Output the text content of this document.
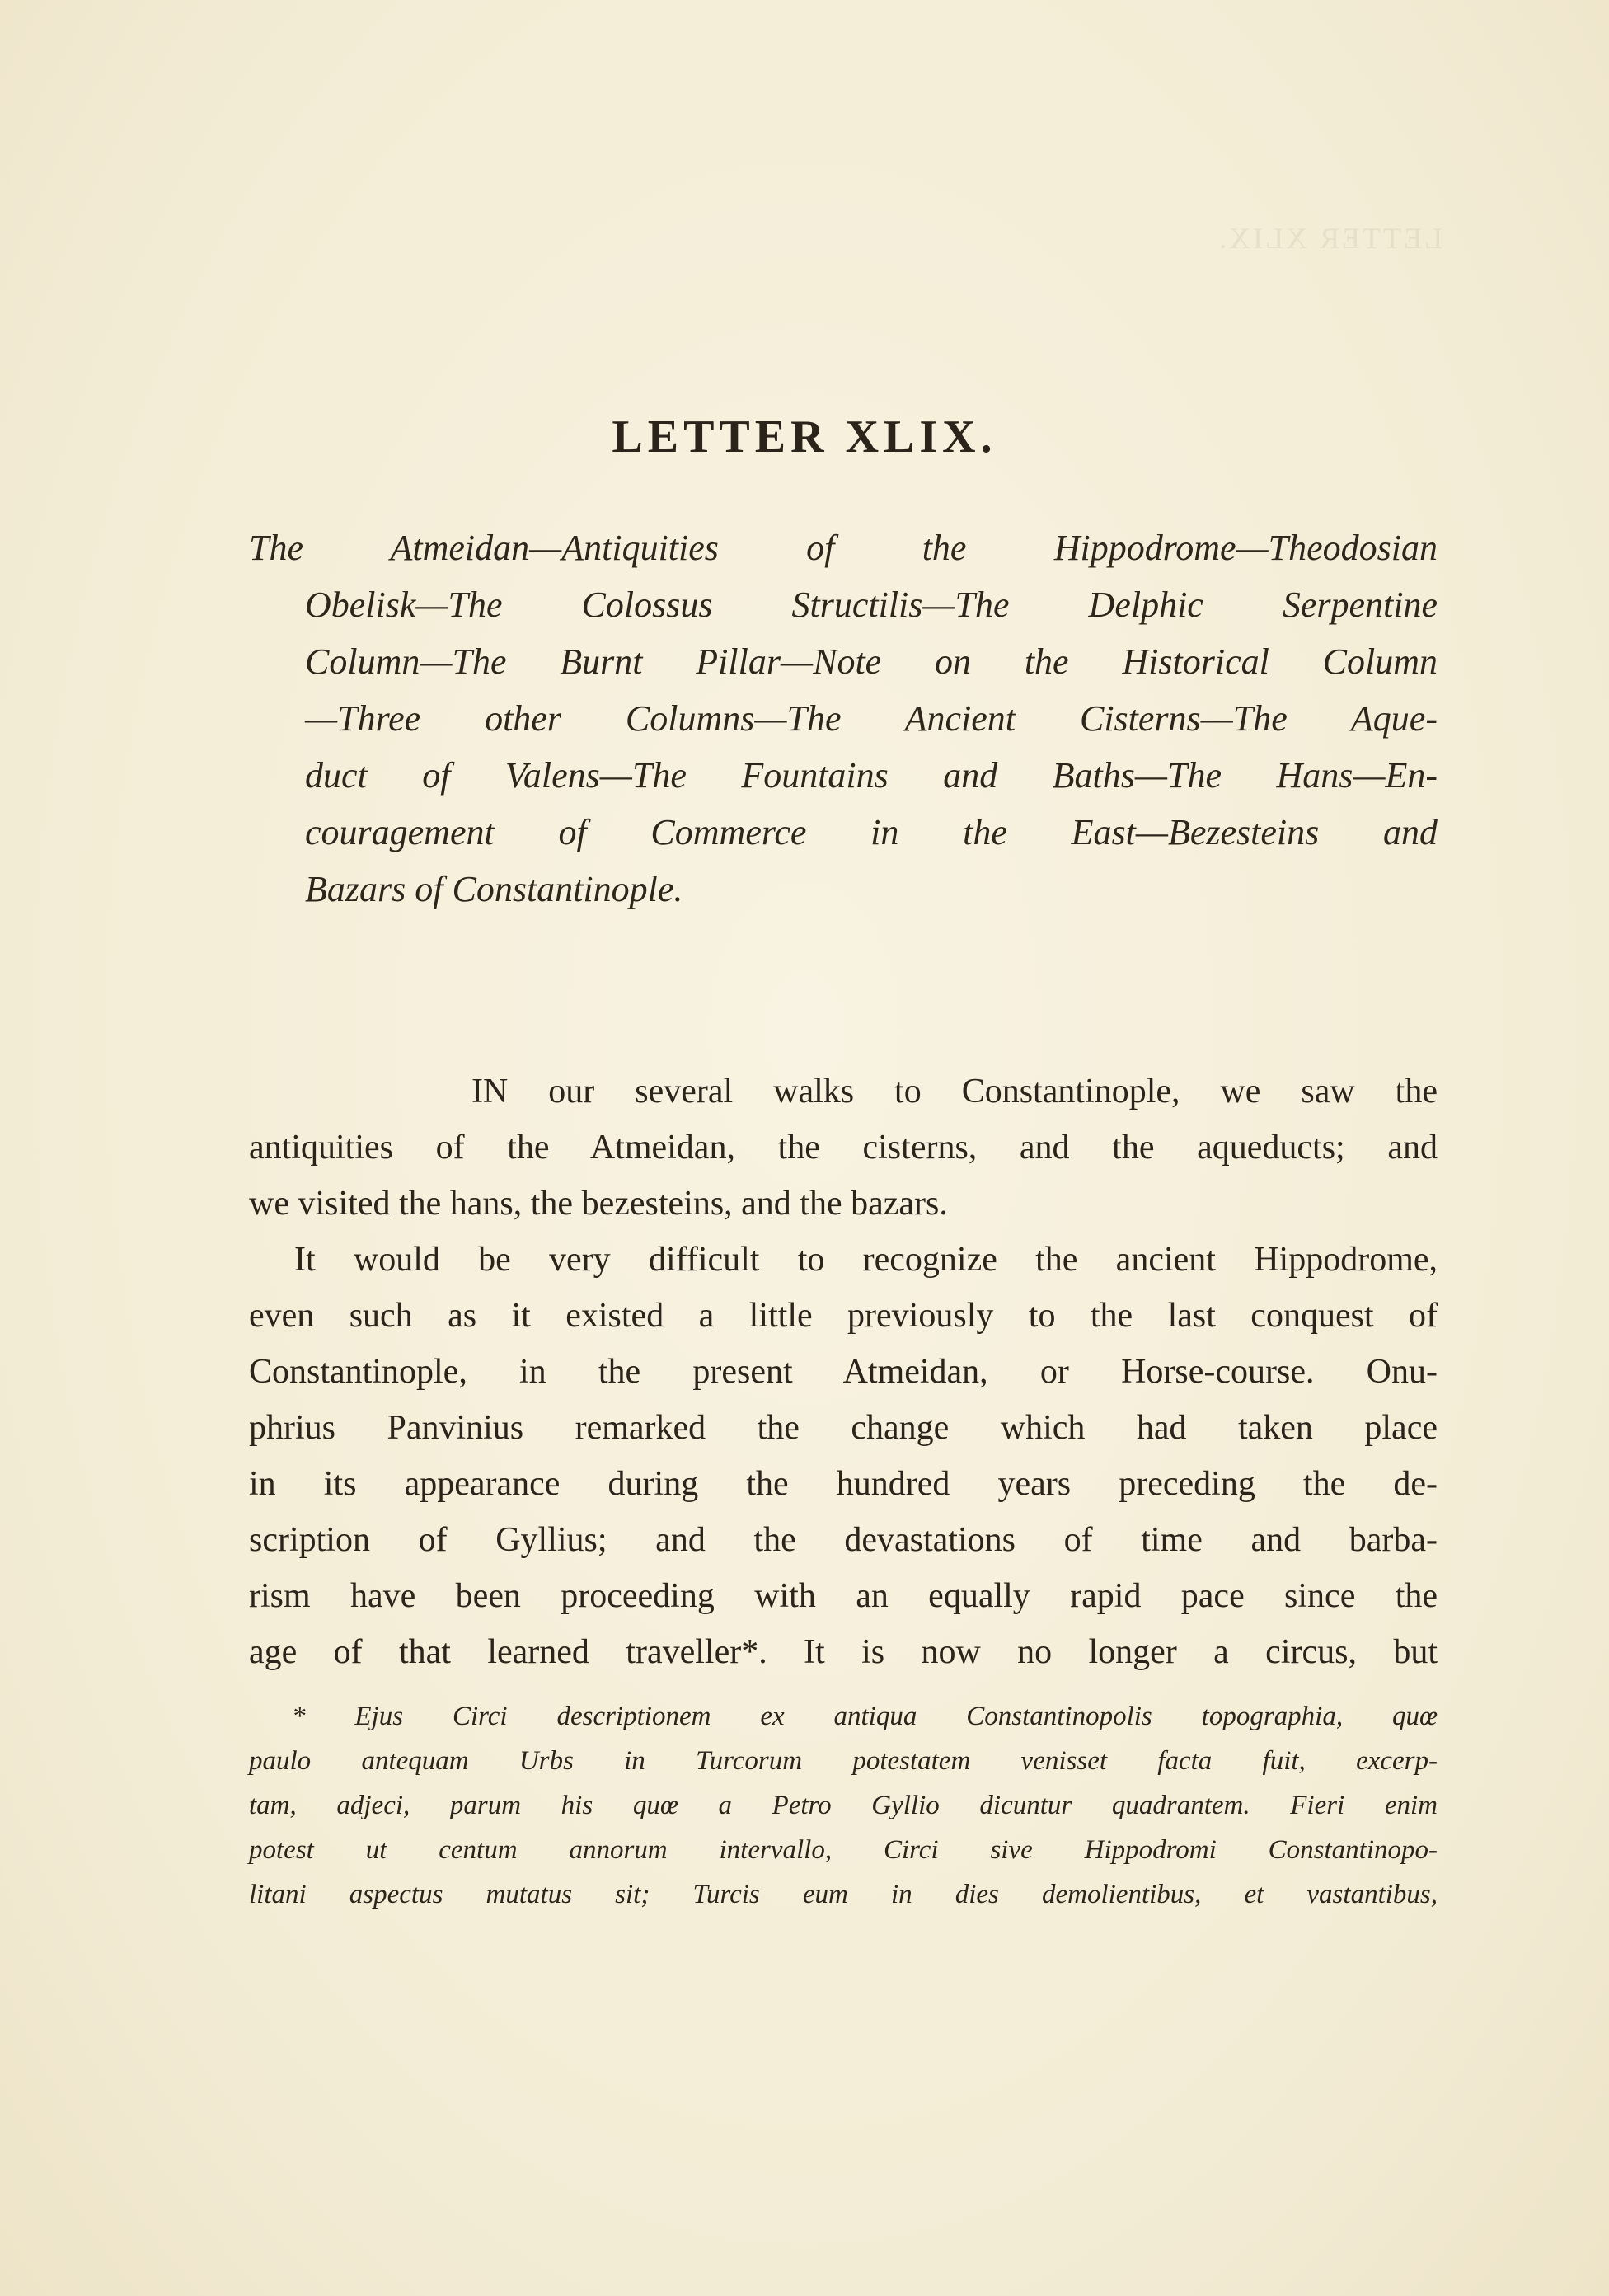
LETTER XLIX.
LETTER XLIX.
The Atmeidan—Antiquities of the Hippodrome—Theodosian
Obelisk—The Colossus Structilis—The Delphic Serpentine
Column—The Burnt Pillar—Note on the Historical Column
—Three other Columns—The Ancient Cisterns—The Aque-
duct of Valens—The Fountains and Baths—The Hans—En-
couragement of Commerce in the East—Bezesteins and
Bazars of Constantinople.
IN our several walks to Constantinople, we saw the
antiquities of the Atmeidan, the cisterns, and the aqueducts; and
we visited the hans, the bezesteins, and the bazars.
It would be very difficult to recognize the ancient Hippodrome,
even such as it existed a little previously to the last conquest of
Constantinople, in the present Atmeidan, or Horse-course. Onu-
phrius Panvinius remarked the change which had taken place
in its appearance during the hundred years preceding the de-
scription of Gyllius; and the devastations of time and barba-
rism have been proceeding with an equally rapid pace since the
age of that learned traveller*. It is now no longer a circus, but
* Ejus Circi descriptionem ex antiqua Constantinopolis topographia, quœ
paulo antequam Urbs in Turcorum potestatem venisset facta fuit, excerp-
tam, adjeci, parum his quœ a Petro Gyllio dicuntur quadrantem. Fieri enim
potest ut centum annorum intervallo, Circi sive Hippodromi Constantinopo-
litani aspectus mutatus sit; Turcis eum in dies demolientibus, et vastantibus,
